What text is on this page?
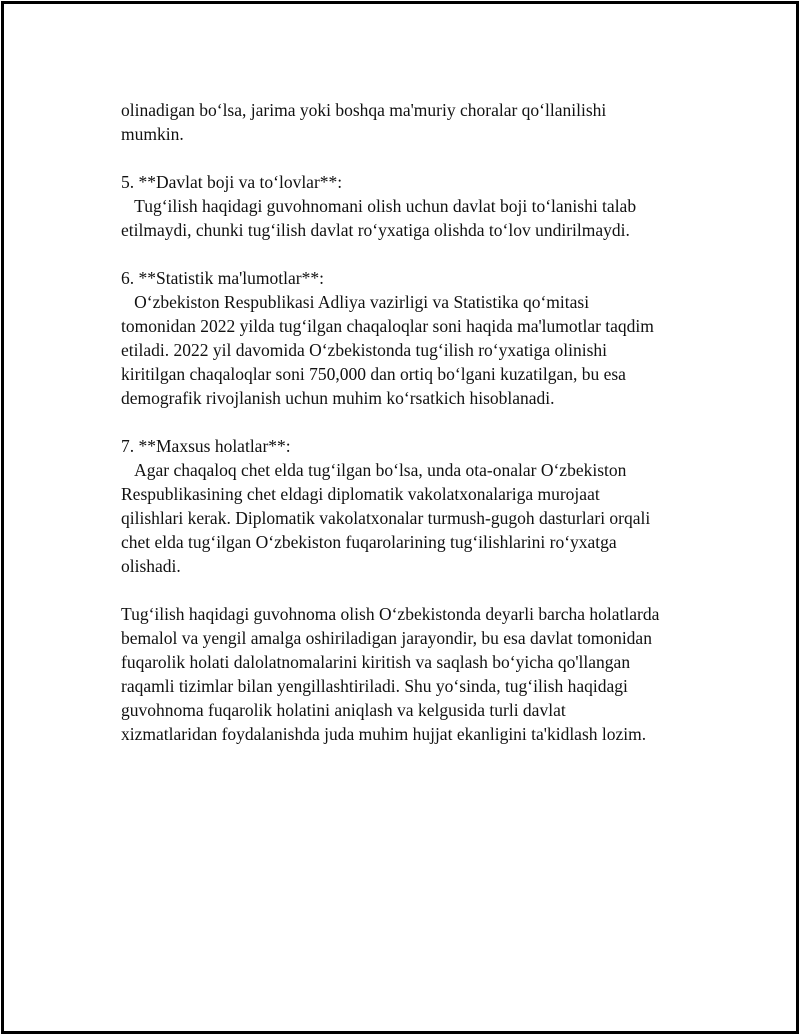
olinadigan bo‘lsa, jarima yoki boshqa ma'muriy choralar qo‘llanilishi
mumkin.
5. **Davlat boji va to‘lovlar**:
Tug‘ilish haqidagi guvohnomani olish uchun davlat boji to‘lanishi talab
etilmaydi, chunki tug‘ilish davlat ro‘yxatiga olishda to‘lov undirilmaydi.
6. **Statistik ma'lumotlar**:
O‘zbekiston Respublikasi Adliya vazirligi va Statistika qo‘mitasi
tomonidan 2022 yilda tug‘ilgan chaqaloqlar soni haqida ma'lumotlar taqdim
etiladi. 2022 yil davomida O‘zbekistonda tug‘ilish ro‘yxatiga olinishi
kiritilgan chaqaloqlar soni 750,000 dan ortiq bo‘lgani kuzatilgan, bu esa
demografik rivojlanish uchun muhim ko‘rsatkich hisoblanadi.
7. **Maxsus holatlar**:
Agar chaqaloq chet elda tug‘ilgan bo‘lsa, unda ota-onalar O‘zbekiston
Respublikasining chet eldagi diplomatik vakolatxonalariga murojaat
qilishlari kerak. Diplomatik vakolatxonalar turmush-gugoh dasturlari orqali
chet elda tug‘ilgan O‘zbekiston fuqarolarining tug‘ilishlarini ro‘yxatga
olishadi.
Tug‘ilish haqidagi guvohnoma olish O‘zbekistonda deyarli barcha holatlarda
bemalol va yengil amalga oshiriladigan jarayondir, bu esa davlat tomonidan
fuqarolik holati dalolatnomalarini kiritish va saqlash bo‘yicha qo'llangan
raqamli tizimlar bilan yengillashtiriladi. Shu yo‘sinda, tug‘ilish haqidagi
guvohnoma fuqarolik holatini aniqlash va kelgusida turli davlat
xizmatlaridan foydalanishda juda muhim hujjat ekanligini ta'kidlash lozim.
